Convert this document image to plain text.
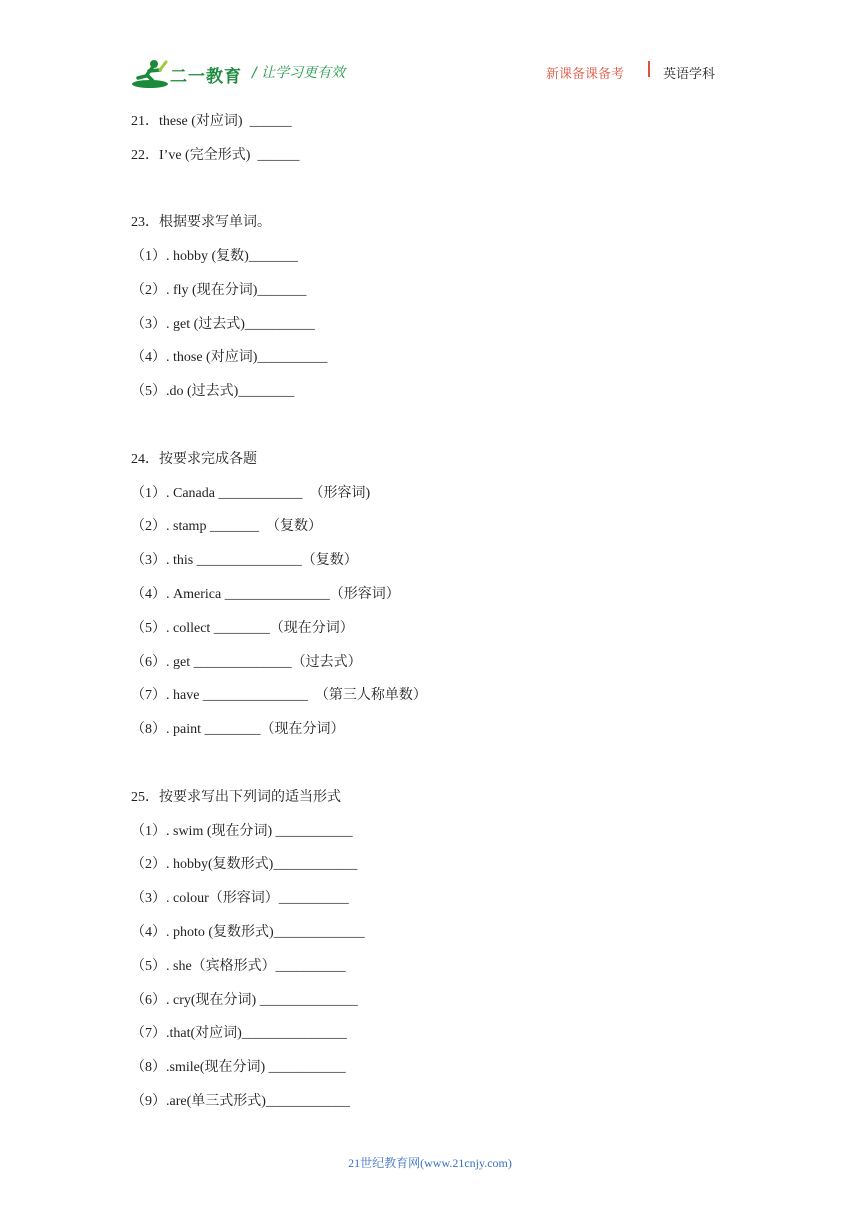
二一教育 / 让学习更有效	新课备课备考	英语学科
21．these (对应词)  ______
22．I’ve (完全形式)  ______
23．根据要求写单词。
（1）. hobby (复数)_______
（2）. fly (现在分词)_______
（3）. get (过去式)__________
（4）. those (对应词)__________
（5）.do (过去式)________
24．按要求完成各题
（1）. Canada ____________  （形容词)
（2）. stamp _______  （复数）
（3）. this _______________（复数）
（4）. America _______________（形容词）
（5）. collect ________（现在分词）
（6）. get ______________（过去式）
（7）. have _______________  （第三人称单数）
（8）. paint ________（现在分词）
25．按要求写出下列词的适当形式
（1）. swim (现在分词) ___________
（2）. hobby(复数形式)____________
（3）. colour（形容词）__________
（4）. photo (复数形式)_____________
（5）. she（宾格形式）__________
（6）. cry(现在分词) ______________
（7）.that(对应词)_______________
（8）.smile(现在分词) ___________
（9）.are(单三式形式)____________
21世纪教育网(www.21cnjy.com)
